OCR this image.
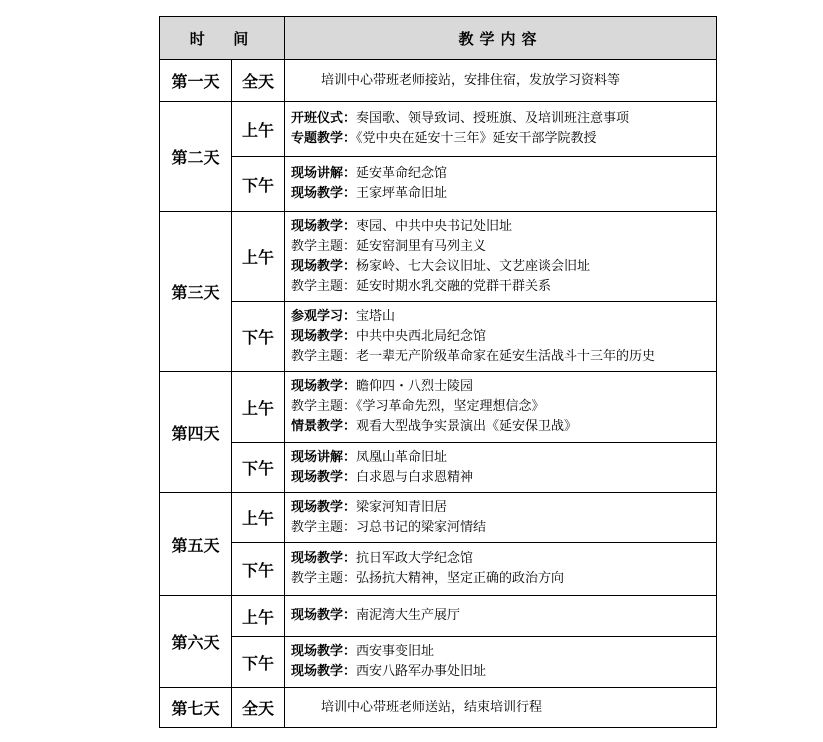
时  间		教学内容
第一天	全天	培训中心带班老师接站，安排住宿，发放学习资料等

第二天	上午	开班仪式：奏国歌、领导致词、授班旗、及培训班注意事项
专题教学：《党中央在延安十三年》延安干部学院教授

	下午	现场讲解：延安革命纪念馆
现场教学：王家坪革命旧址

第三天	上午	现场教学：枣园、中共中央书记处旧址
教学主题：延安窑洞里有马列主义
现场教学：杨家岭、七大会议旧址、文艺座谈会旧址
教学主题：延安时期水乳交融的党群干群关系

	下午	参观学习：宝塔山
现场教学：中共中央西北局纪念馆
教学主题：老一辈无产阶级革命家在延安生活战斗十三年的历史

第四天	上午	现场教学：瞻仰四・八烈士陵园
教学主题：《学习革命先烈，坚定理想信念》
情景教学：观看大型战争实景演出《延安保卫战》

	下午	现场讲解：凤凰山革命旧址
现场教学：白求恩与白求恩精神

第五天	上午	现场教学：梁家河知青旧居
教学主题：习总书记的梁家河情结

	下午	现场教学：抗日军政大学纪念馆
教学主题：弘扬抗大精神，坚定正确的政治方向

第六天	上午	现场教学：南泥湾大生产展厅

	下午	现场教学：西安事变旧址
现场教学：西安八路军办事处旧址

第七天	全天	培训中心带班老师送站，结束培训行程
